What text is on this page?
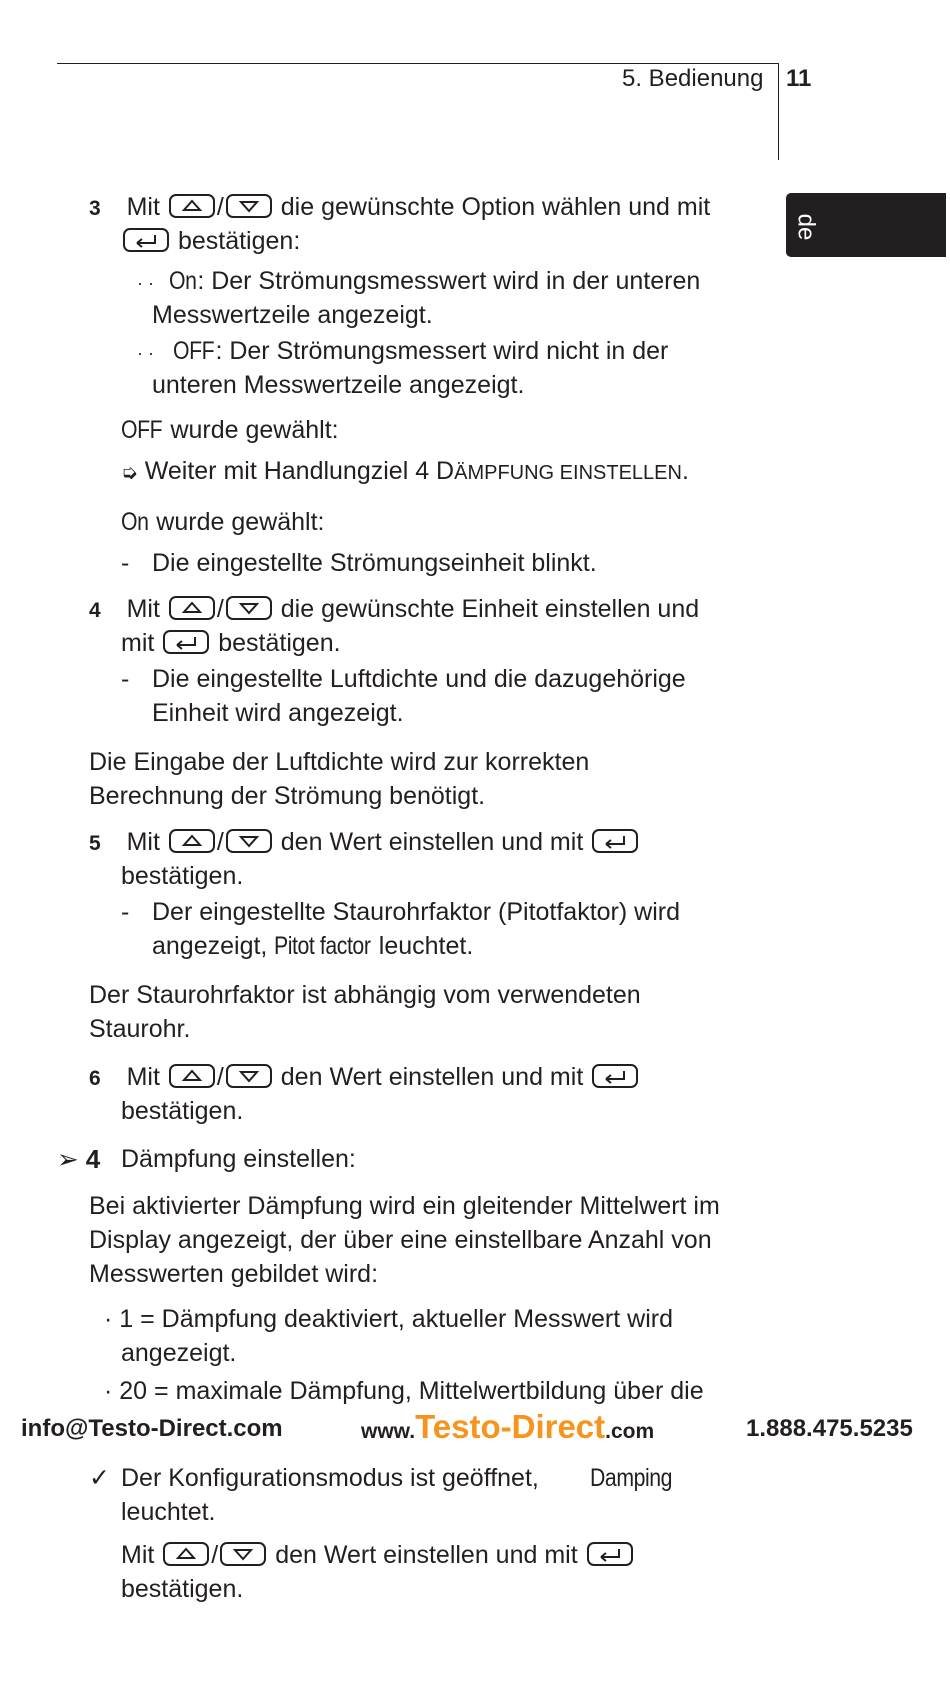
5. Bedienung 11
de
3 Mit / die gewünschte Option wählen und mit
bestätigen:
· · On: Der Strömungsmesswert wird in der unteren
Messwertzeile angezeigt.
· · OFF: Der Strömungsmessert wird nicht in der
unteren Messwertzeile angezeigt.
OFF wurde gewählt:
➭ Weiter mit Handlungziel 4 DÄMPFUNG EINSTELLEN.
On wurde gewählt:
- Die eingestellte Strömungseinheit blinkt.
4 Mit / die gewünschte Einheit einstellen und
mit	bestätigen.
- Die eingestellte Luftdichte und die dazugehörige
Einheit wird angezeigt.
Die Eingabe der Luftdichte wird zur korrekten
Berechnung der Strömung benötigt.
5 Mit / den Wert einstellen und mit
bestätigen.
- Der eingestellte Staurohrfaktor (Pitotfaktor) wird
angezeigt, Pitot factor leuchtet.
Der Staurohrfaktor ist abhängig vom verwendeten
Staurohr.
6 Mit / den Wert einstellen und mit
bestätigen.
➢ 4 Dämpfung einstellen:
Bei aktivierter Dämpfung wird ein gleitender Mittelwert im
Display angezeigt, der über eine einstellbare Anzahl von
Messwerten gebildet wird:
· 1 = Dämpfung deaktiviert, aktueller Messwert wird
angezeigt.
· 20 = maximale Dämpfung, Mittelwertbildung über die
info@Testo-Direct.com	www.Testo-Direct.com	1.888.475.5235
✓ Der Konfigurationsmodus ist geöffnet, Damping
leuchtet.
Mit / den Wert einstellen und mit
bestätigen.
